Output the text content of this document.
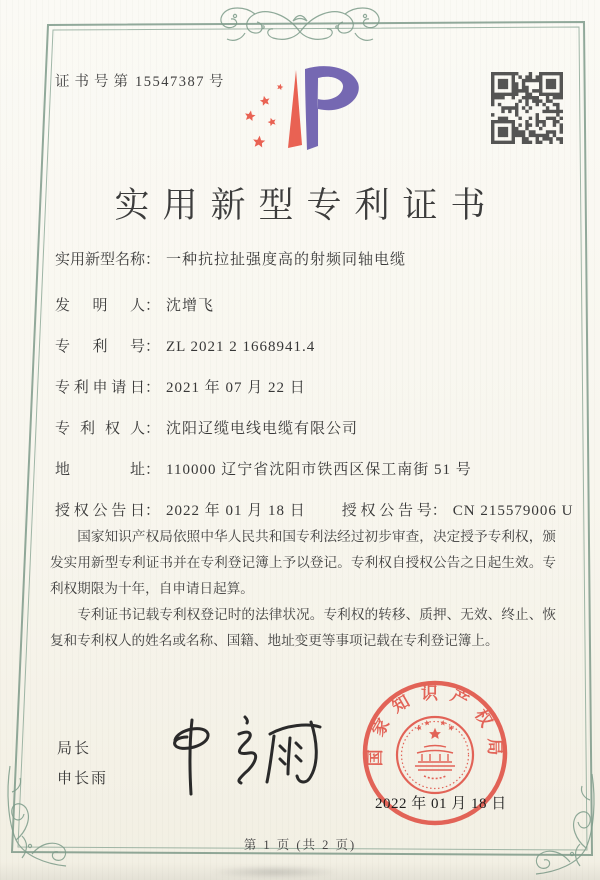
证书号第 15547387 号
实用新型专利证书
实用新型名称： 一种抗拉扯强度高的射频同轴电缆
发明人： 沈增飞
专利号： ZL 2021 2 1668941.4
专利申请日： 2021 年 07 月 22 日
专利权人： 沈阳辽缆电线电缆有限公司
地址： 110000 辽宁省沈阳市铁西区保工南街 51 号
授权公告日： 2022 年 01 月 18 日 授权公告号： CN 215579006 U

国家知识产权局依照中华人民共和国专利法经过初步审查，决定授予专利权，颁发实用新型专利证书并在专利登记簿上予以登记。专利权自授权公告之日起生效。专利权期限为十年，自申请日起算。

专利证书记载专利权登记时的法律状况。专利权的转移、质押、无效、终止、恢复和专利权人的姓名或名称、国籍、地址变更等事项记载在专利登记簿上。

局长
申长雨
国家知识产权局
2022 年 01 月 18 日
第 1 页 (共 2 页)
